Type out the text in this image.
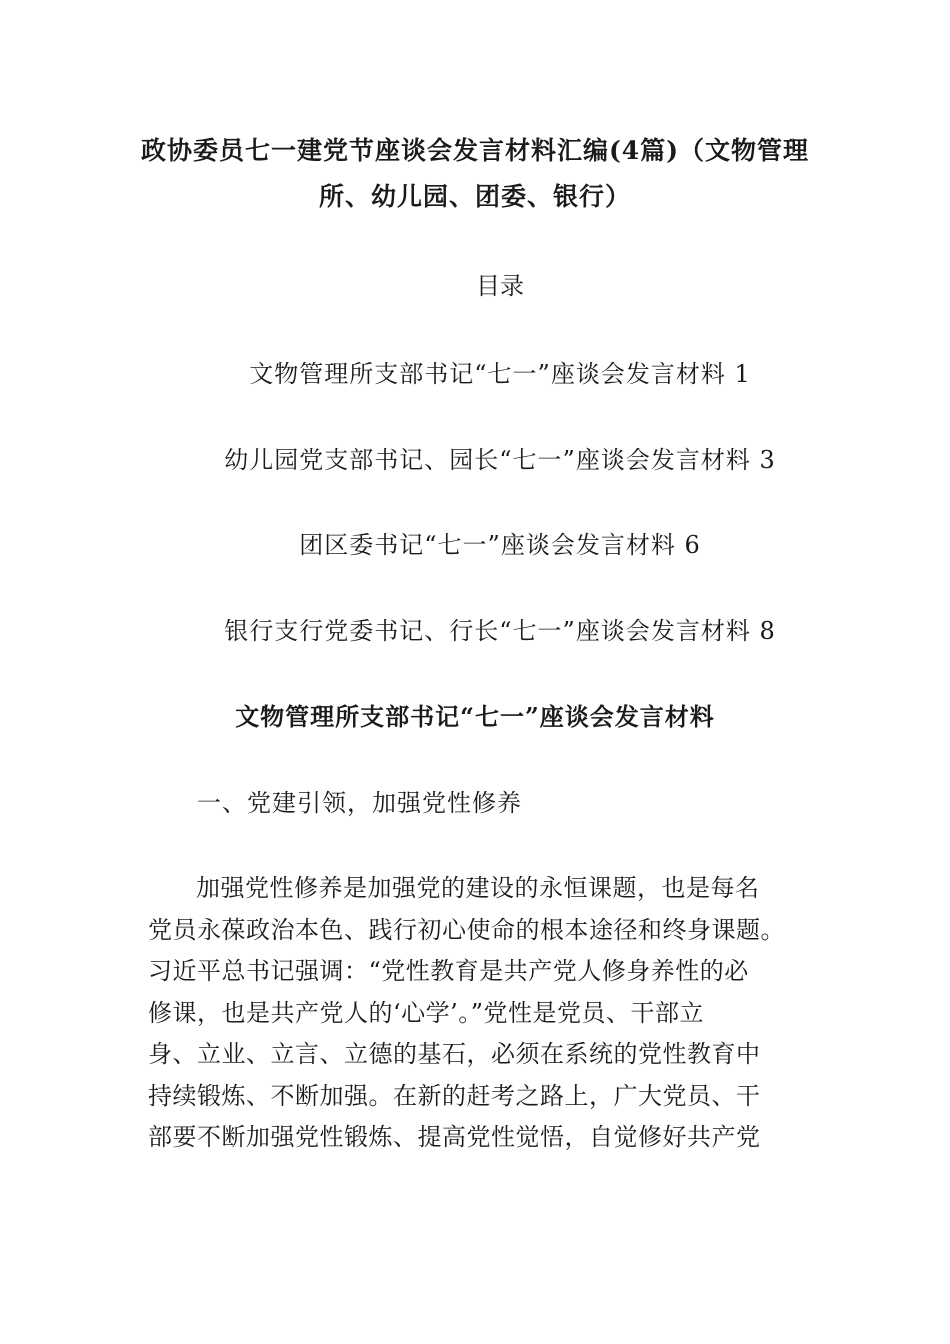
政协委员七一建党节座谈会发言材料汇编(4篇)（文物管理所、幼儿园、团委、银行）
目录
文物管理所支部书记“七一”座谈会发言材料 1
幼儿园党支部书记、园长“七一”座谈会发言材料 3
团区委书记“七一”座谈会发言材料 6
银行支行党委书记、行长“七一”座谈会发言材料 8
文物管理所支部书记“七一”座谈会发言材料
一、党建引领，加强党性修养
加强党性修养是加强党的建设的永恒课题，也是每名
党员永葆政治本色、践行初心使命的根本途径和终身课题。
习近平总书记强调：“党性教育是共产党人修身养性的必
修课，也是共产党人的‘心学’。”党性是党员、干部立
身、立业、立言、立德的基石，必须在系统的党性教育中
持续锻炼、不断加强。在新的赶考之路上，广大党员、干
部要不断加强党性锻炼、提高党性觉悟，自觉修好共产党
